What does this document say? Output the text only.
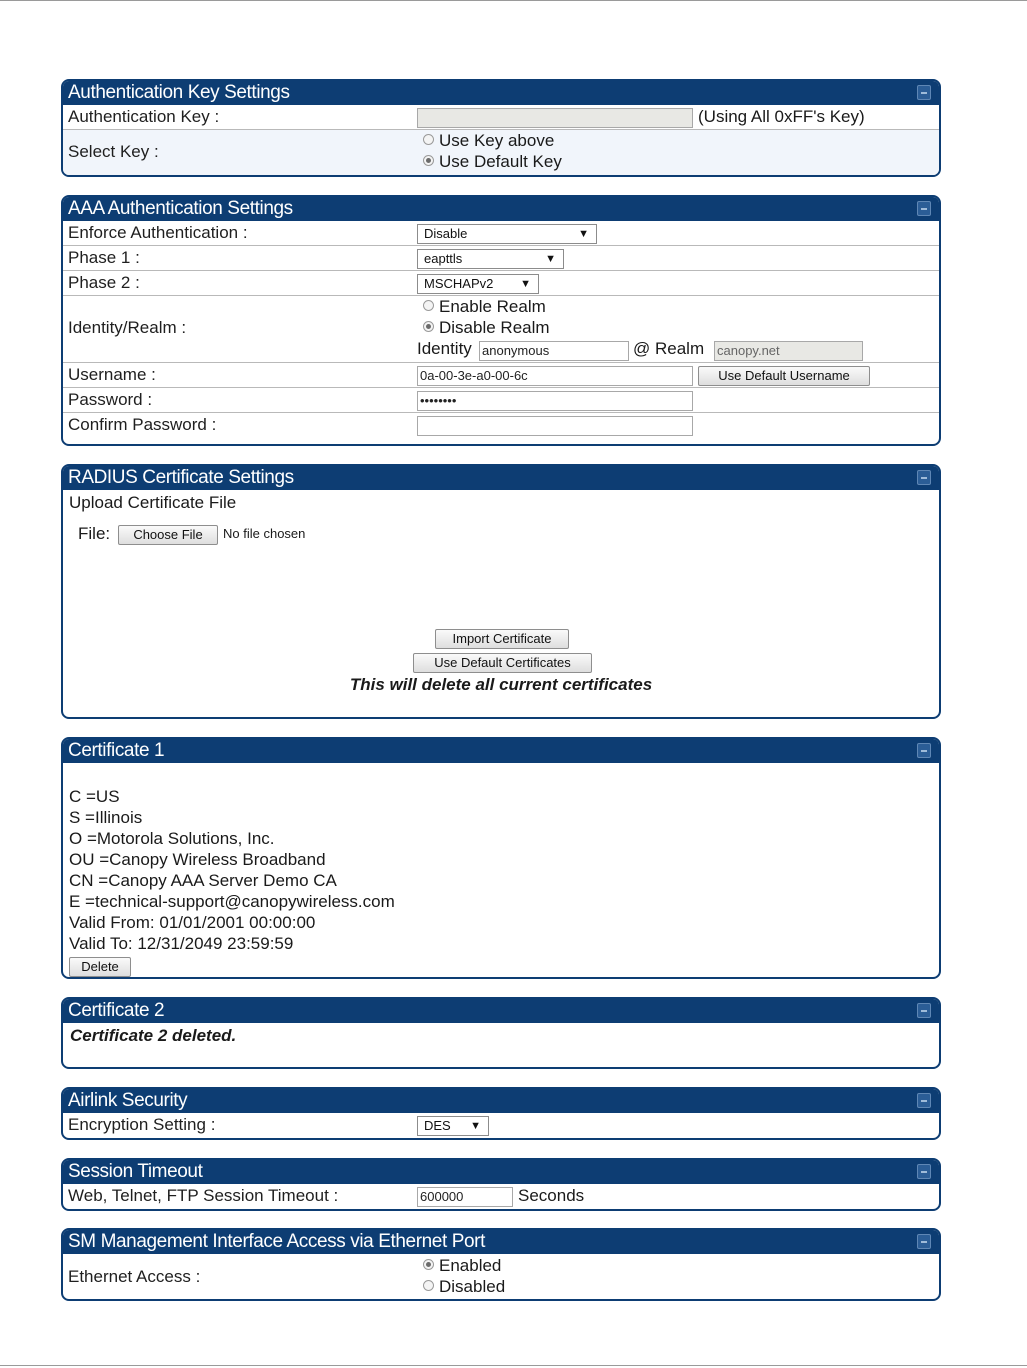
Authentication Key Settings
Authentication Key :	(Using All 0xFF's Key)
Select Key :
Use Key above
Use Default Key
AAA Authentication Settings
Enforce Authentication :	Disable	▼
Phase 1 :	eapttls	▼
Phase 2 :	MSCHAPv2 ▼
Identity/Realm :
Enable Realm
Disable Realm
Identity anonymous	@ Realm canopy.net
Username :	0a-00-3e-a0-00-6c	Use Default Username
Password :	••••••••
Confirm Password :
RADIUS Certificate Settings
Upload Certificate File
File:	Choose File	No file chosen
Import Certificate
Use Default Certificates
This will delete all current certificates
Certificate 1
C =US
S =Illinois
O =Motorola Solutions, Inc.
OU =Canopy Wireless Broadband
CN =Canopy AAA Server Demo CA
E =technical-support@canopywireless.com
Valid From: 01/01/2001 00:00:00
Valid To: 12/31/2049 23:59:59
Delete
Certificate 2
Certificate 2 deleted.
Airlink Security
Encryption Setting :	DES ▼
Session Timeout
Web, Telnet, FTP Session Timeout :	600000	Seconds
SM Management Interface Access via Ethernet Port
Ethernet Access :
Enabled
Disabled
